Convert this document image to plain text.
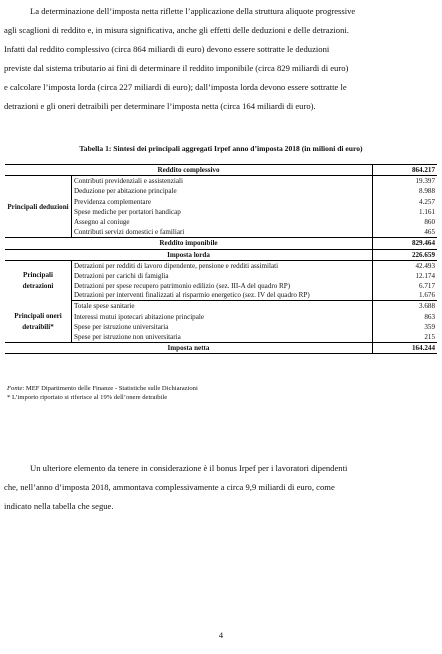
La determinazione dell’imposta netta riflette l’applicazione della struttura aliquote progressive
agli scaglioni di reddito e, in misura significativa, anche gli effetti delle deduzioni e delle detrazioni.
Infatti dal reddito complessivo (circa 864 miliardi di euro) devono essere sottratte le deduzioni
previste dal sistema tributario ai fini di determinare il reddito imponibile (circa 829 miliardi di euro)
e calcolare l’imposta lorda (circa 227 miliardi di euro); dall’imposta lorda devono essere sottratte le
detrazioni e gli oneri detraibili per determinare l’imposta netta (circa 164 miliardi di euro).
Tabella 1: Sintesi dei principali aggregati Irpef anno d’imposta 2018 (in milioni di euro)
Reddito complessivo		864.217
Principali deduzioni	Contributi previdenziali e assistenziali	19.397
	Deduzione per abitazione principale	8.988
	Previdenza complementare	4.257
	Spese mediche per portatori handicap	1.161
	Assegno al coniuge	860
	Contributi servizi domestici e familiari	465
Reddito imponibile		829.464
Imposta lorda		226.659
Principali detrazioni	Detrazioni per redditi di lavoro dipendente, pensione e redditi assimilati	42.493
	Detrazioni per carichi di famiglia	12.174
	Detrazioni per spese recupero patrimonio edilizio (sez. III-A del quadro RP)	6.717
	Detrazioni per interventi finalizzati al risparmio energetico (sez. IV del quadro RP)	1.676
Principali oneri detraibili*	Totale spese sanitarie	3.688
	Interessi mutui ipotecari abitazione principale	863
	Spese per istruzione universitaria	359
	Spese per istruzione non universitaria	215
Imposta netta		164.244
Fonte: MEF Dipartimento delle Finanze - Statistiche sulle Dichiarazioni
* L’importo riportato si riferisce al 19% dell’onere detraibile
Un ulteriore elemento da tenere in considerazione è il bonus Irpef per i lavoratori dipendenti
che, nell’anno d’imposta 2018, ammontava complessivamente a circa 9,9 miliardi di euro, come
indicato nella tabella che segue.
4
